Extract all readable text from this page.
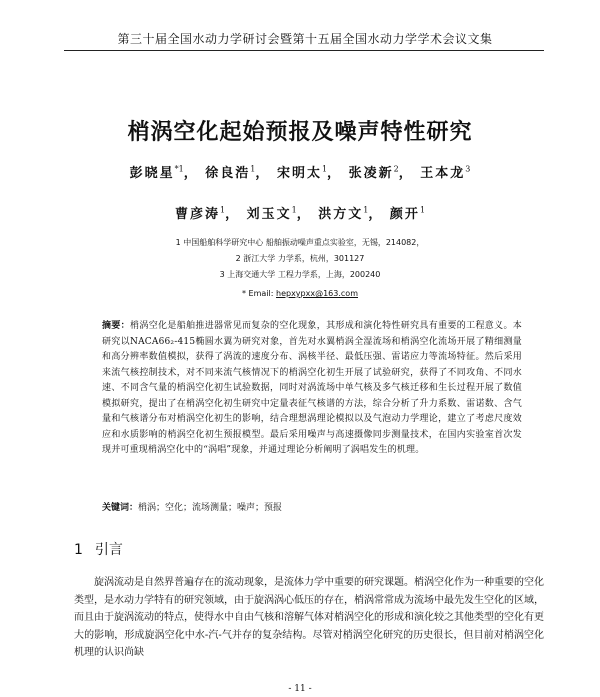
第三十届全国水动力学研讨会暨第十五届全国水动力学学术会议文集
梢涡空化起始预报及噪声特性研究
彭晓星$^{*1}$， 徐良浩$^1$， 宋明太$^1$， 张凌新$^2$， 王本龙$^3$
曹彦涛$^1$， 刘玉文$^1$， 洪方文$^1$， 颜开$^1$
1 中国船舶科学研究中心 船舶振动噪声重点实验室，无锡，214082，
2 浙江大学 力学系，杭州，301127
3 上海交通大学 工程力学系，上海，200240
* Email: hepxypxx@163.com
摘要：梢涡空化是船舶推进器常见而复杂的空化现象，其形成和演化特性研究具有重要的工程意义。本研究以NACA66₂-415椭圆水翼为研究对象，首先对水翼梢涡全湿流场和梢涡空化流场开展了精细测量和高分辨率数值模拟，获得了涡流的速度分布、涡核半径、最低压强、雷诺应力等流场特征。然后采用来流气核控制技术，对不同来流气核情况下的梢涡空化初生开展了试验研究，获得了不同攻角、不同水速、不同含气量的梢涡空化初生试验数据，同时对涡流场中单气核及多气核迁移和生长过程开展了数值模拟研究，提出了在梢涡空化初生研究中定量表征气核谱的方法，综合分析了升力系数、雷诺数、含气量和气核谱分布对梢涡空化初生的影响，结合理想涡理论模拟以及气泡动力学理论，建立了考虑尺度效应和水质影响的梢涡空化初生预报模型。最后采用噪声与高速摄像同步测量技术，在国内实验室首次发现并可重现梢涡空化中的“涡唱”现象，并通过理论分析阐明了涡唱发生的机理。
关键词：梢涡；空化；流场测量；噪声；预报
1 引言
旋涡流动是自然界普遍存在的流动现象，是流体力学中重要的研究课题。梢涡空化作为一种重要的空化类型，是水动力学特有的研究领域，由于旋涡涡心低压的存在，梢涡常常成为流场中最先发生空化的区域，而且由于旋涡流动的特点，使得水中自由气核和溶解气体对梢涡空化的形成和演化较之其他类型的空化有更大的影响，形成旋涡空化中水-汽-气并存的复杂结构。尽管对梢涡空化研究的历史很长，但目前对梢涡空化机理的认识尚缺
- 11 -
